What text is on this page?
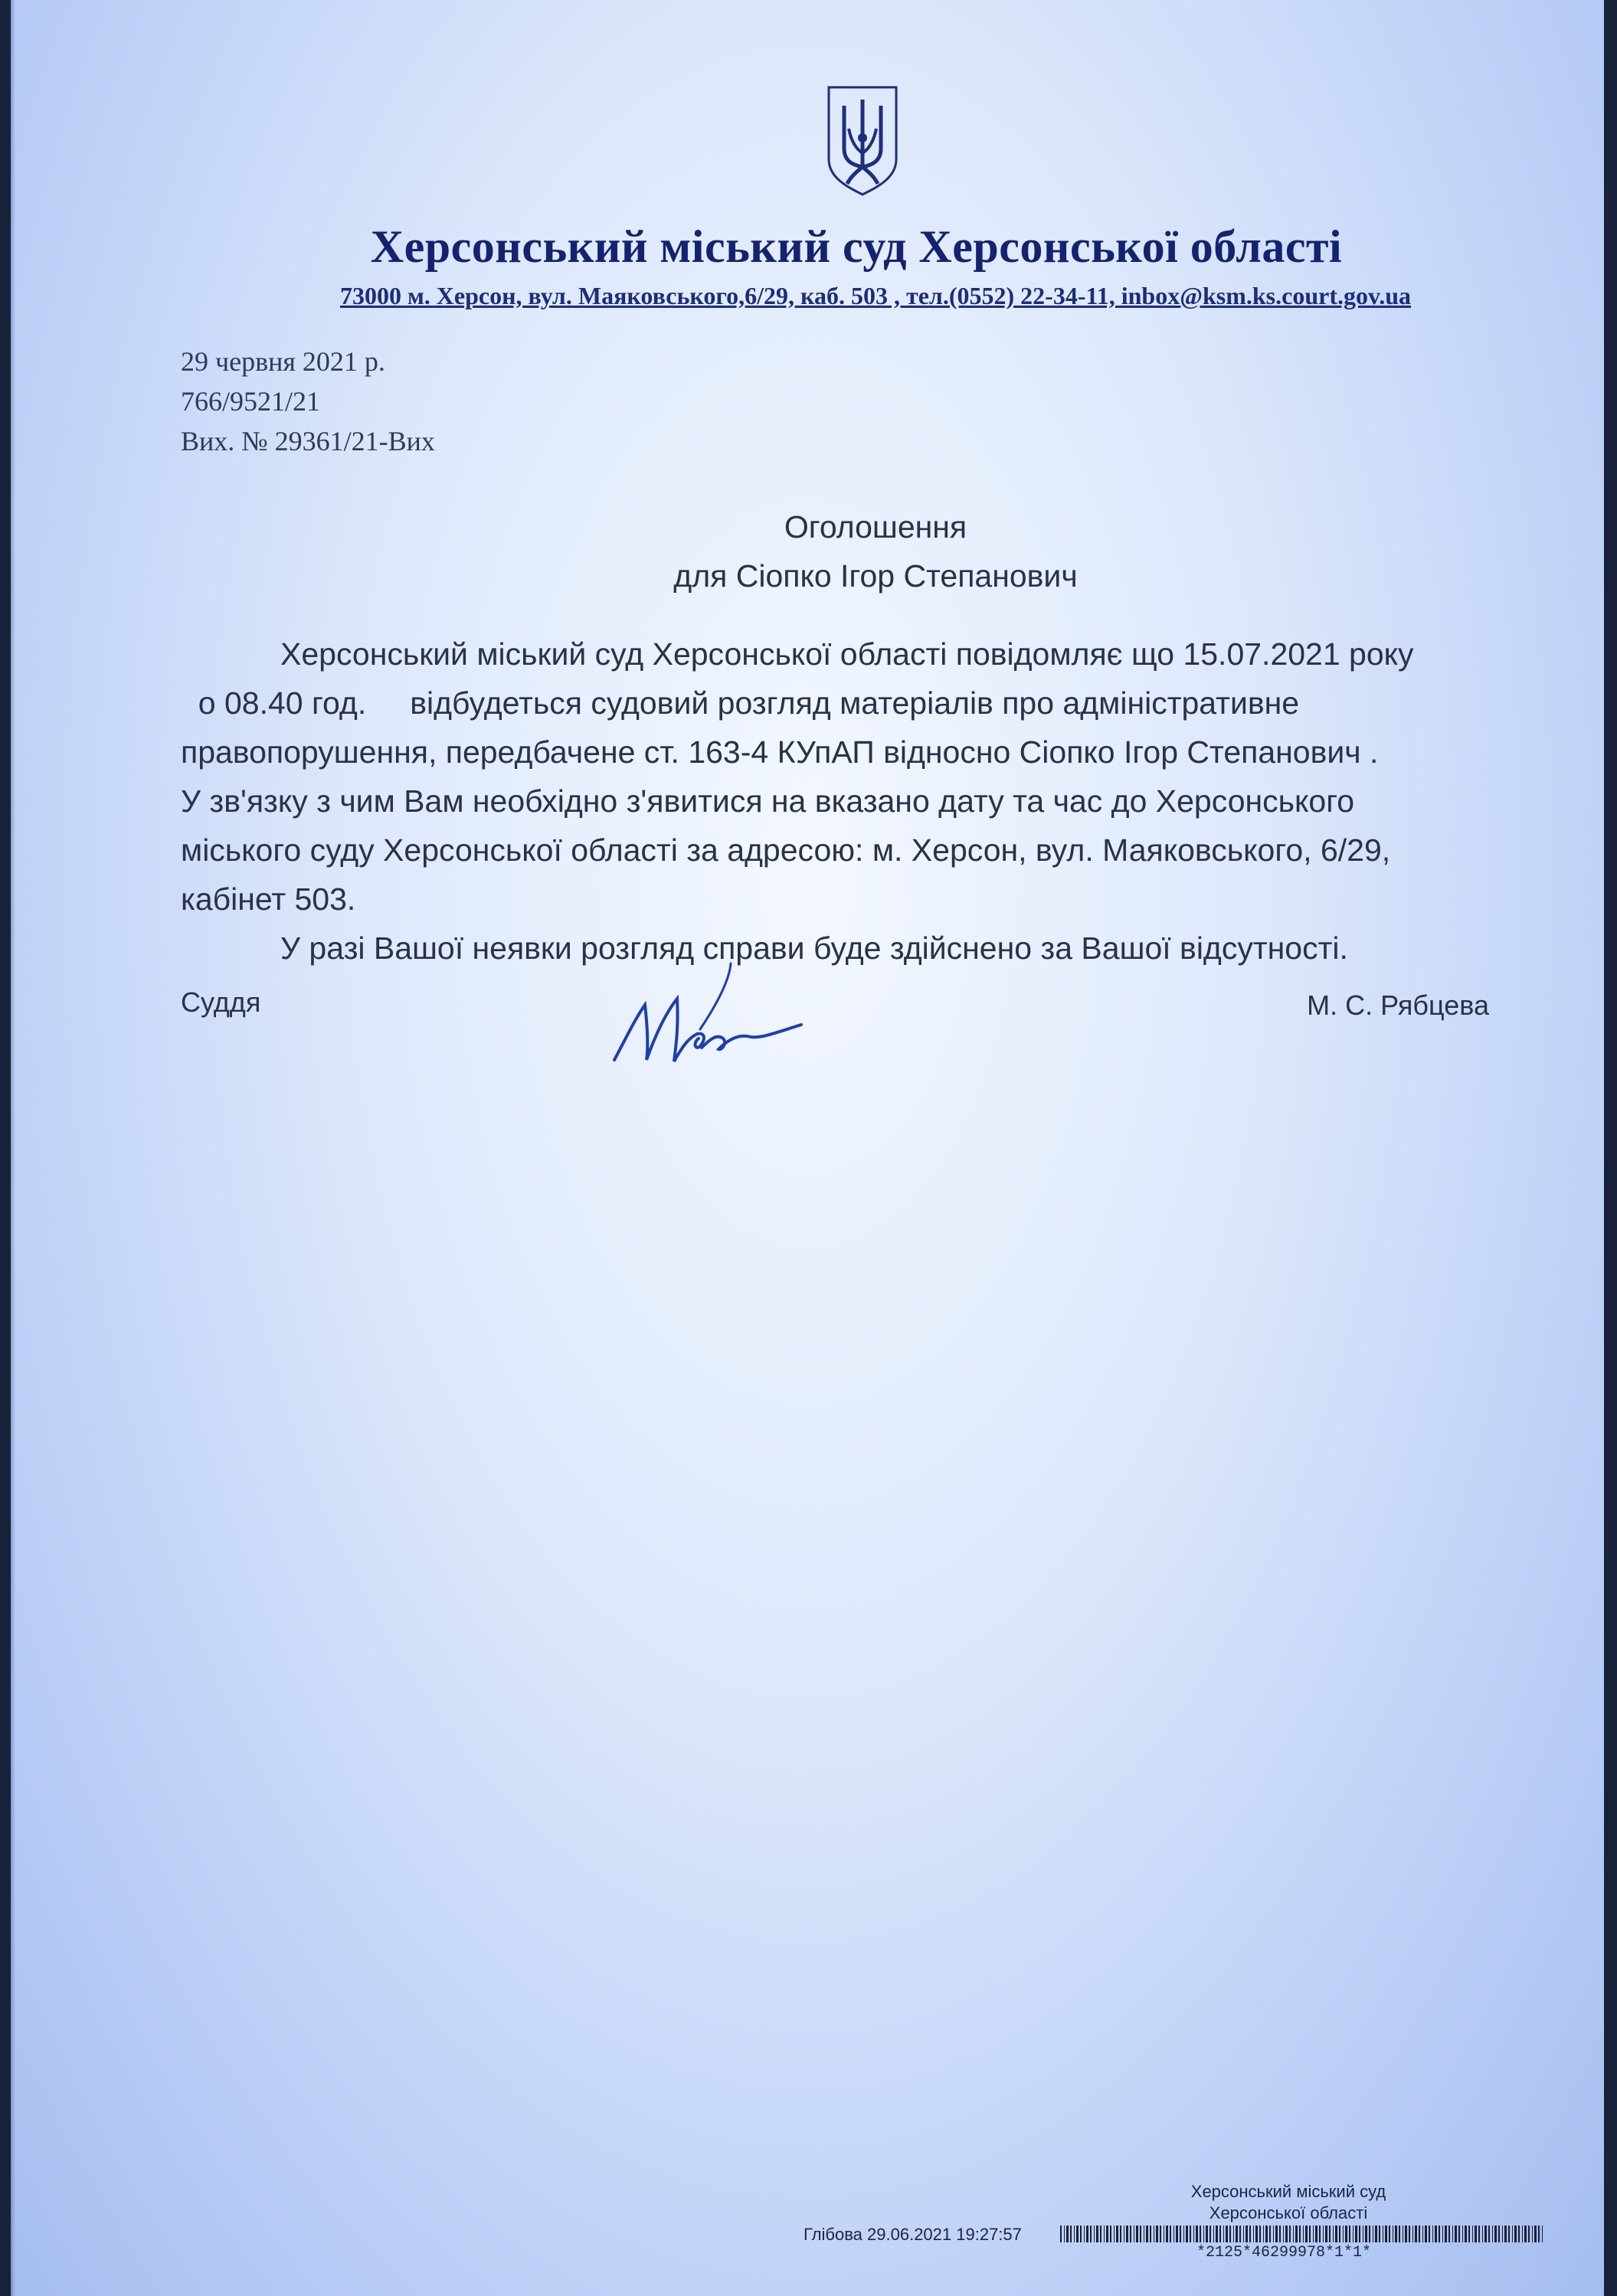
Херсонський міський суд Херсонської області
73000 м. Херсон, вул. Маяковського,6/29, каб. 503 , тел.(0552) 22-34-11, inbox@ksm.ks.court.gov.ua
29 червня 2021 р.
766/9521/21
Вих. № 29361/21-Вих
Оголошення
для Сіопко Ігор Степанович
Херсонський міський суд Херсонської області повідомляє що 15.07.2021 року
о 08.40 год.     відбудеться судовий розгляд матеріалів про адміністративне
правопорушення, передбачене ст. 163-4 КУпАП відносно Сіопко Ігор Степанович .
У зв'язку з чим Вам необхідно з'явитися на вказано дату та час до Херсонського
міського суду Херсонської області за адресою: м. Херсон, вул. Маяковського, 6/29,
кабінет 503.
У разі Вашої неявки розгляд справи буде здійснено за Вашої відсутності.
Суддя	М. С. Рябцева
Херсонський міський суд
Херсонської області
Глібова 29.06.2021 19:27:57
*2125*46299978*1*1*
